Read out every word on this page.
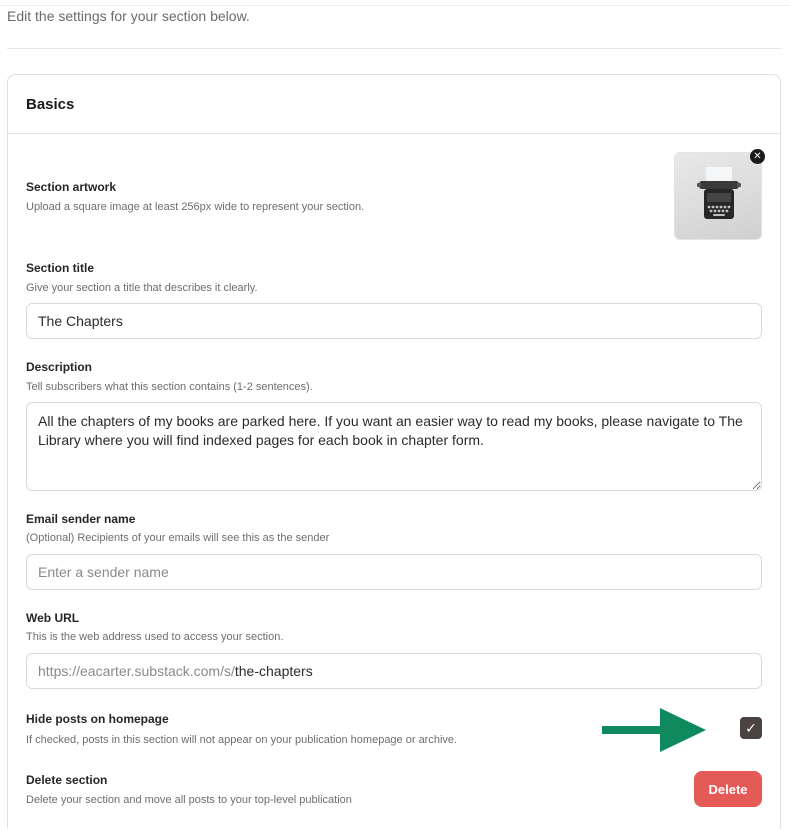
Edit the settings for your section below.
Basics
Section artwork
Upload a square image at least 256px wide to represent your section.
✕
Section title
Give your section a title that describes it clearly.
The Chapters
Description
Tell subscribers what this section contains (1-2 sentences).
All the chapters of my books are parked here. If you want an easier way to read my books, please navigate to The Library where you will find indexed pages for each book in chapter form.
Email sender name
(Optional) Recipients of your emails will see this as the sender
Enter a sender name
Web URL
This is the web address used to access your section.
https://eacarter.substack.com/s/the-chapters
Hide posts on homepage
If checked, posts in this section will not appear on your publication homepage or archive.
✓
Delete section
Delete your section and move all posts to your top-level publication
Delete
